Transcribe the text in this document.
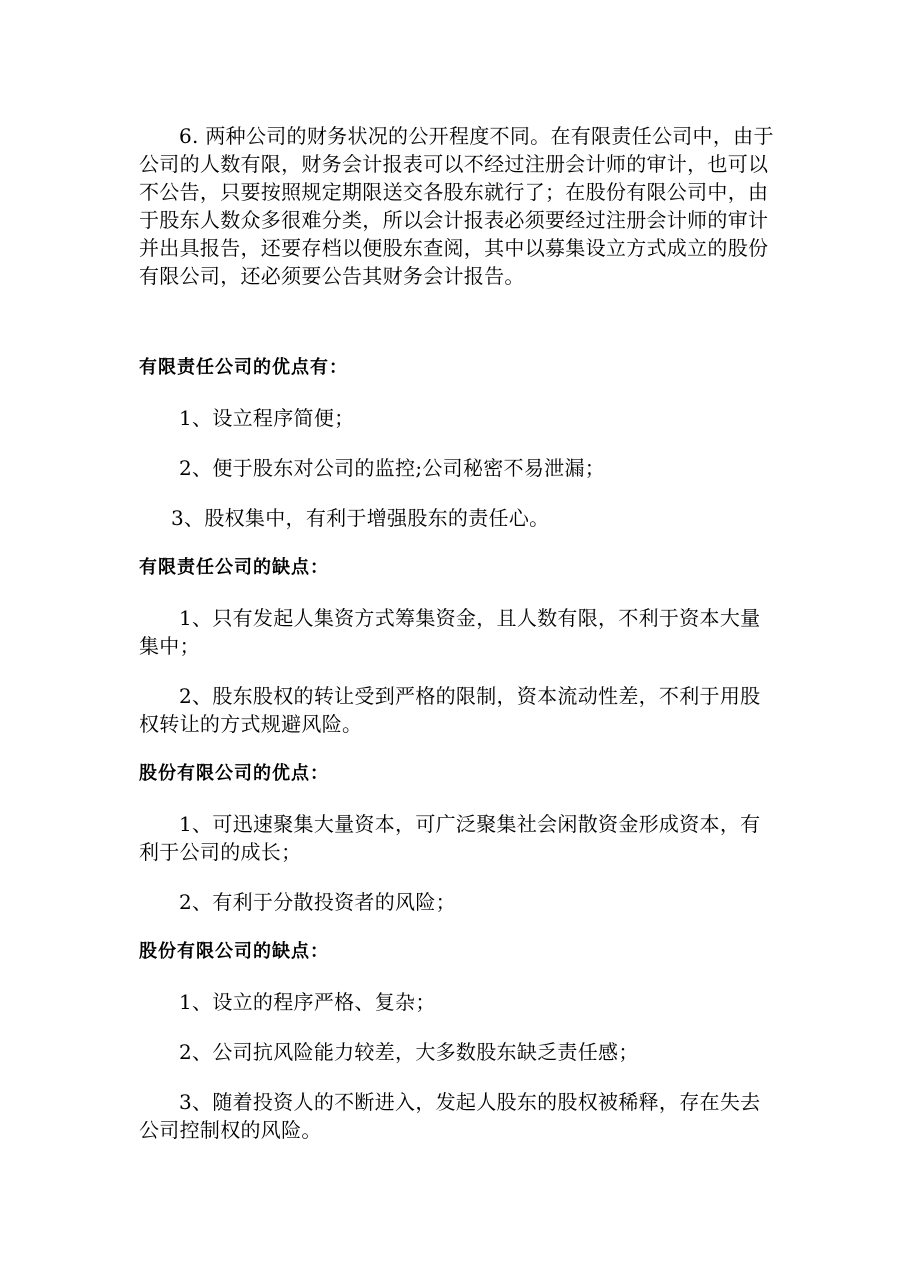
6. 两种公司的财务状况的公开程度不同。在有限责任公司中，由于公司的人数有限，财务会计报表可以不经过注册会计师的审计，也可以不公告，只要按照规定期限送交各股东就行了；在股份有限公司中，由于股东人数众多很难分类，所以会计报表必须要经过注册会计师的审计并出具报告，还要存档以便股东查阅，其中以募集设立方式成立的股份有限公司，还必须要公告其财务会计报告。

有限责任公司的优点有：

1、设立程序简便；

2、便于股东对公司的监控;公司秘密不易泄漏；

3、股权集中，有利于增强股东的责任心。

有限责任公司的缺点：

1、只有发起人集资方式筹集资金，且人数有限，不利于资本大量集中；

2、股东股权的转让受到严格的限制，资本流动性差，不利于用股权转让的方式规避风险。

股份有限公司的优点：

1、可迅速聚集大量资本，可广泛聚集社会闲散资金形成资本，有利于公司的成长；

2、有利于分散投资者的风险；

股份有限公司的缺点：

1、设立的程序严格、复杂；

2、公司抗风险能力较差，大多数股东缺乏责任感；

3、随着投资人的不断进入，发起人股东的股权被稀释，存在失去公司控制权的风险。
